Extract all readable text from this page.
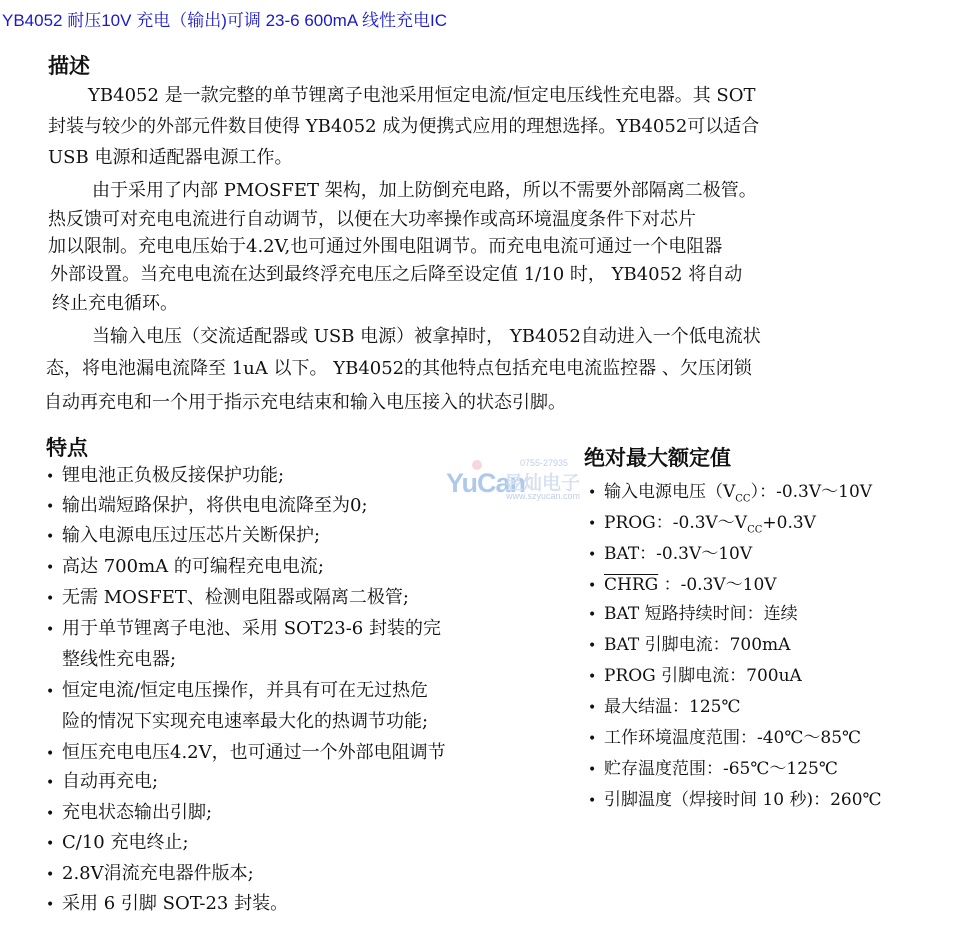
YB4052 耐压10V 充电（输出)可调 23-6 600mA 线性充电IC
描述
YB4052 是一款完整的单节锂离子电池采用恒定电流/恒定电压线性充电器。其 SOT
封装与较少的外部元件数目使得 YB4052 成为便携式应用的理想选择。YB4052可以适合
USB 电源和适配器电源工作。
由于采用了内部 PMOSFET 架构，加上防倒充电路，所以不需要外部隔离二极管。
热反馈可对充电电流进行自动调节，以便在大功率操作或高环境温度条件下对芯片
加以限制。充电电压始于4.2V,也可通过外围电阻调节。而充电电流可通过一个电阻器
外部设置。当充电电流在达到最终浮充电压之后降至设定值 1/10 时， YB4052 将自动
终止充电循环。
当输入电压（交流适配器或 USB 电源）被拿掉时， YB4052自动进入一个低电流状
态，将电池漏电流降至 1uA 以下。 YB4052的其他特点包括充电电流监控器 、欠压闭锁
自动再充电和一个用于指示充电结束和输入电压接入的状态引脚。
特点
• 锂电池正负极反接保护功能;
• 输出端短路保护，将供电电流降至为0;
• 输入电源电压过压芯片关断保护;
• 高达 700mA 的可编程充电电流;
• 无需 MOSFET、检测电阻器或隔离二极管;
• 用于单节锂离子电池、采用 SOT23-6 封装的完
整线性充电器;
• 恒定电流/恒定电压操作，并具有可在无过热危
险的情况下实现充电速率最大化的热调节功能;
• 恒压充电电压4.2V，也可通过一个外部电阻调节
• 自动再充电;
• 充电状态输出引脚;
• C/10 充电终止;
• 2.8V涓流充电器件版本;
• 采用 6 引脚 SOT-23 封装。
YuCan
昱灿电子
0755-27935
www.szyucan.com
绝对最大额定值
• 输入电源电压$(V_{CC})$：-0.3V～10V
• PROG：$-0.3V\sim V_{CC}+0.3V$
• BAT：-0.3V～10V
• CHRG ：-0.3V～10V
• BAT 短路持续时间：连续
• BAT 引脚电流：700mA
• PROG 引脚电流：700uA
• 最大结温：125℃
• 工作环境温度范围：-40℃～85℃
• 贮存温度范围：-65℃～125℃
• 引脚温度（焊接时间 10 秒)：260℃
